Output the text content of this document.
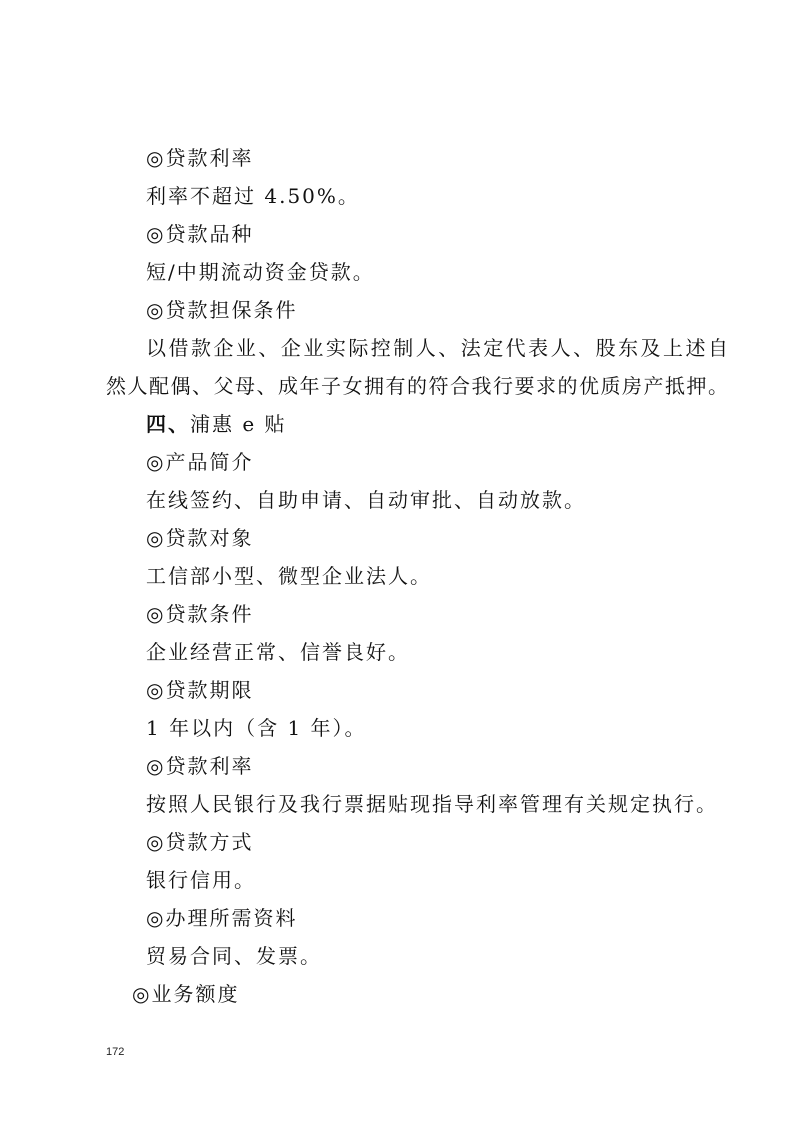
◎贷款利率
利率不超过 4.50%。
◎贷款品种
短/中期流动资金贷款。
◎贷款担保条件
以借款企业、企业实际控制人、法定代表人、股东及上述自
然人配偶、父母、成年子女拥有的符合我行要求的优质房产抵押。
四、浦惠 e 贴
◎产品简介
在线签约、自助申请、自动审批、自动放款。
◎贷款对象
工信部小型、微型企业法人。
◎贷款条件
企业经营正常、信誉良好。
◎贷款期限
1 年以内（含 1 年）。
◎贷款利率
按照人民银行及我行票据贴现指导利率管理有关规定执行。
◎贷款方式
银行信用。
◎办理所需资料
贸易合同、发票。
◎业务额度
172
